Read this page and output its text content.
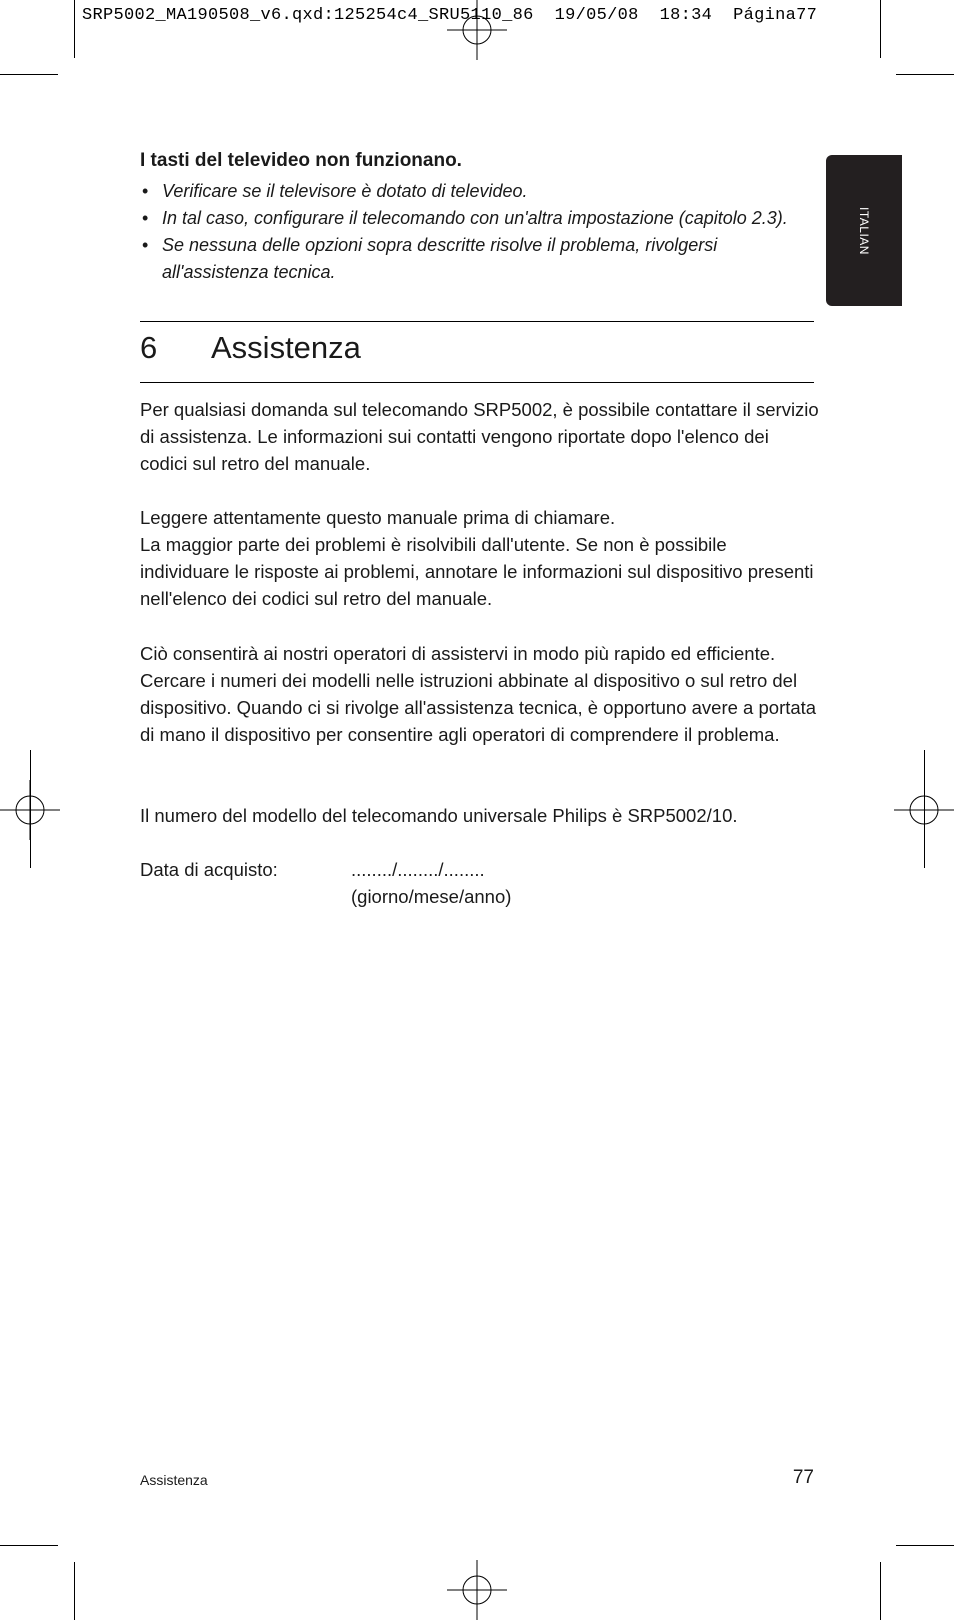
SRP5002_MA190508_v6.qxd:125254c4_SRU5110_86  19/05/08  18:34  Página77
ITALIAN
I tasti del televideo non funzionano.
• Verificare se il televisore è dotato di televideo.
• In tal caso, configurare il telecomando con un'altra impostazione (capitolo 2.3).
• Se nessuna delle opzioni sopra descritte risolve il problema, rivolgersi all'assistenza tecnica.
6 Assistenza

Per qualsiasi domanda sul telecomando SRP5002, è possibile contattare il servizio di assistenza. Le informazioni sui contatti vengono riportate dopo l'elenco dei codici sul retro del manuale.

Leggere attentamente questo manuale prima di chiamare.

La maggior parte dei problemi è risolvibili dall'utente. Se non è possibile individuare le risposte ai problemi, annotare le informazioni sul dispositivo presenti nell'elenco dei codici sul retro del manuale.

Ciò consentirà ai nostri operatori di assistervi in modo più rapido ed efficiente. Cercare i numeri dei modelli nelle istruzioni abbinate al dispositivo o sul retro del dispositivo. Quando ci si rivolge all'assistenza tecnica, è opportuno avere a portata di mano il dispositivo per consentire agli operatori di comprendere il problema.

Il numero del modello del telecomando universale Philips è SRP5002/10.

Data di acquisto:	......../......../........
(giorno/mese/anno)
Assistenza	77
